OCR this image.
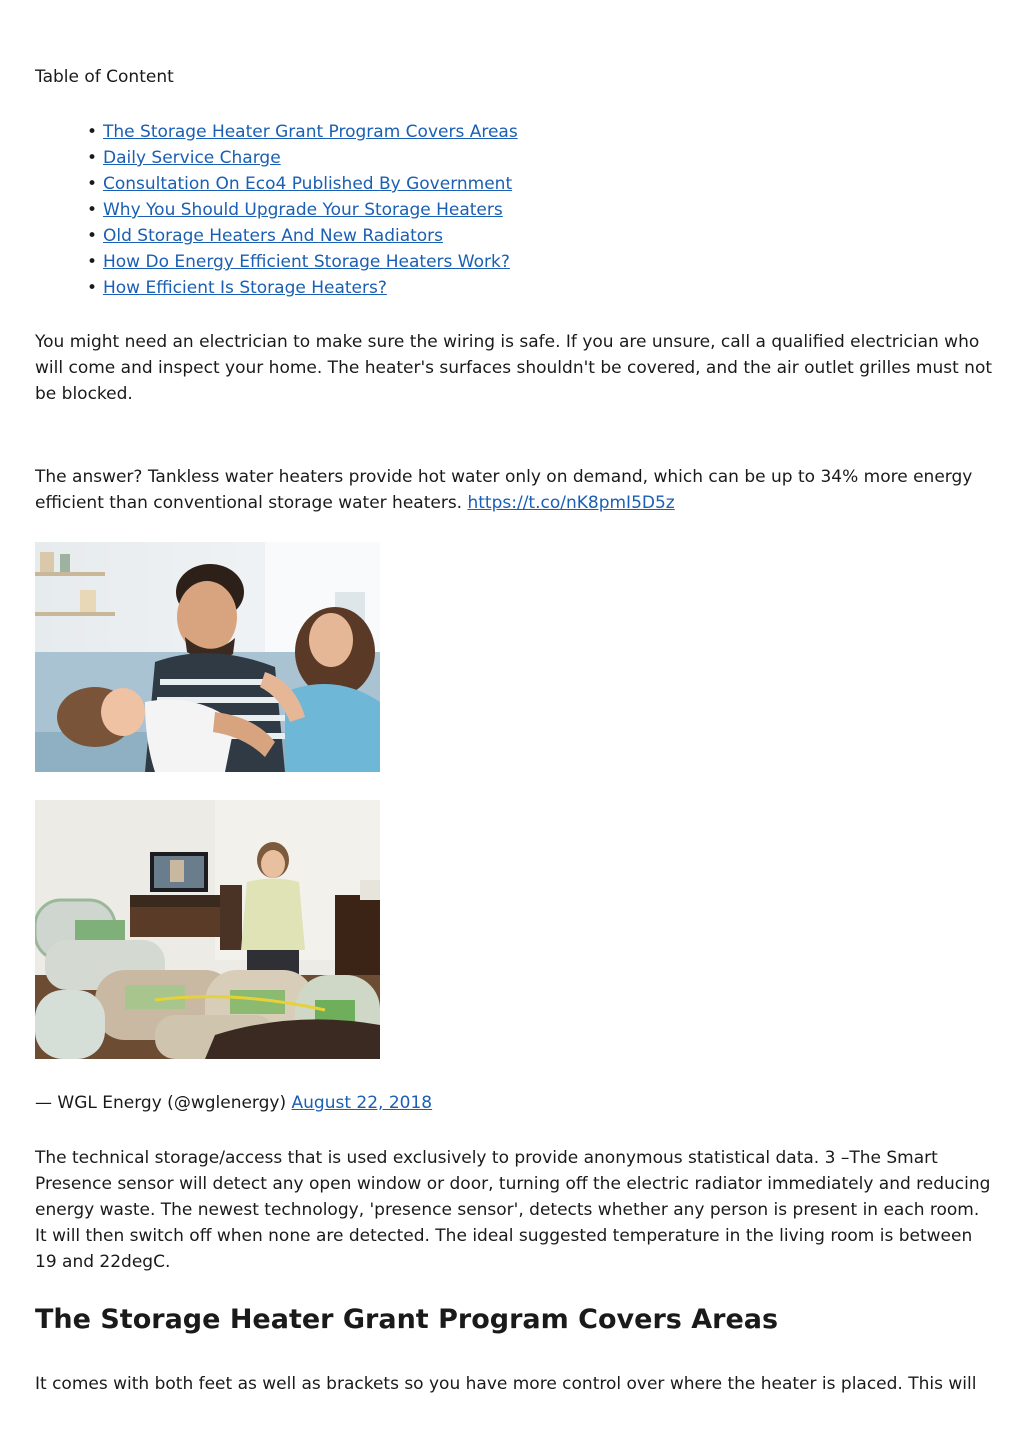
Table of Content

• The Storage Heater Grant Program Covers Areas
• Daily Service Charge
• Consultation On Eco4 Published By Government
• Why You Should Upgrade Your Storage Heaters
• Old Storage Heaters And New Radiators
• How Do Energy Efficient Storage Heaters Work?
• How Efficient Is Storage Heaters?

You might need an electrician to make sure the wiring is safe. If you are unsure, call a qualified electrician who will come and inspect your home. The heater's surfaces shouldn't be covered, and the air outlet grilles must not be blocked.

The answer? Tankless water heaters provide hot water only on demand, which can be up to 34% more energy efficient than conventional storage water heaters. https://t.co/nK8pmI5D5z

— WGL Energy (@wglenergy) August 22, 2018

The technical storage/access that is used exclusively to provide anonymous statistical data. 3 –The Smart Presence sensor will detect any open window or door, turning off the electric radiator immediately and reducing energy waste. The newest technology, 'presence sensor', detects whether any person is present in each room. It will then switch off when none are detected. The ideal suggested temperature in the living room is between 19 and 22degC.

The Storage Heater Grant Program Covers Areas

It comes with both feet as well as brackets so you have more control over where the heater is placed. This will
